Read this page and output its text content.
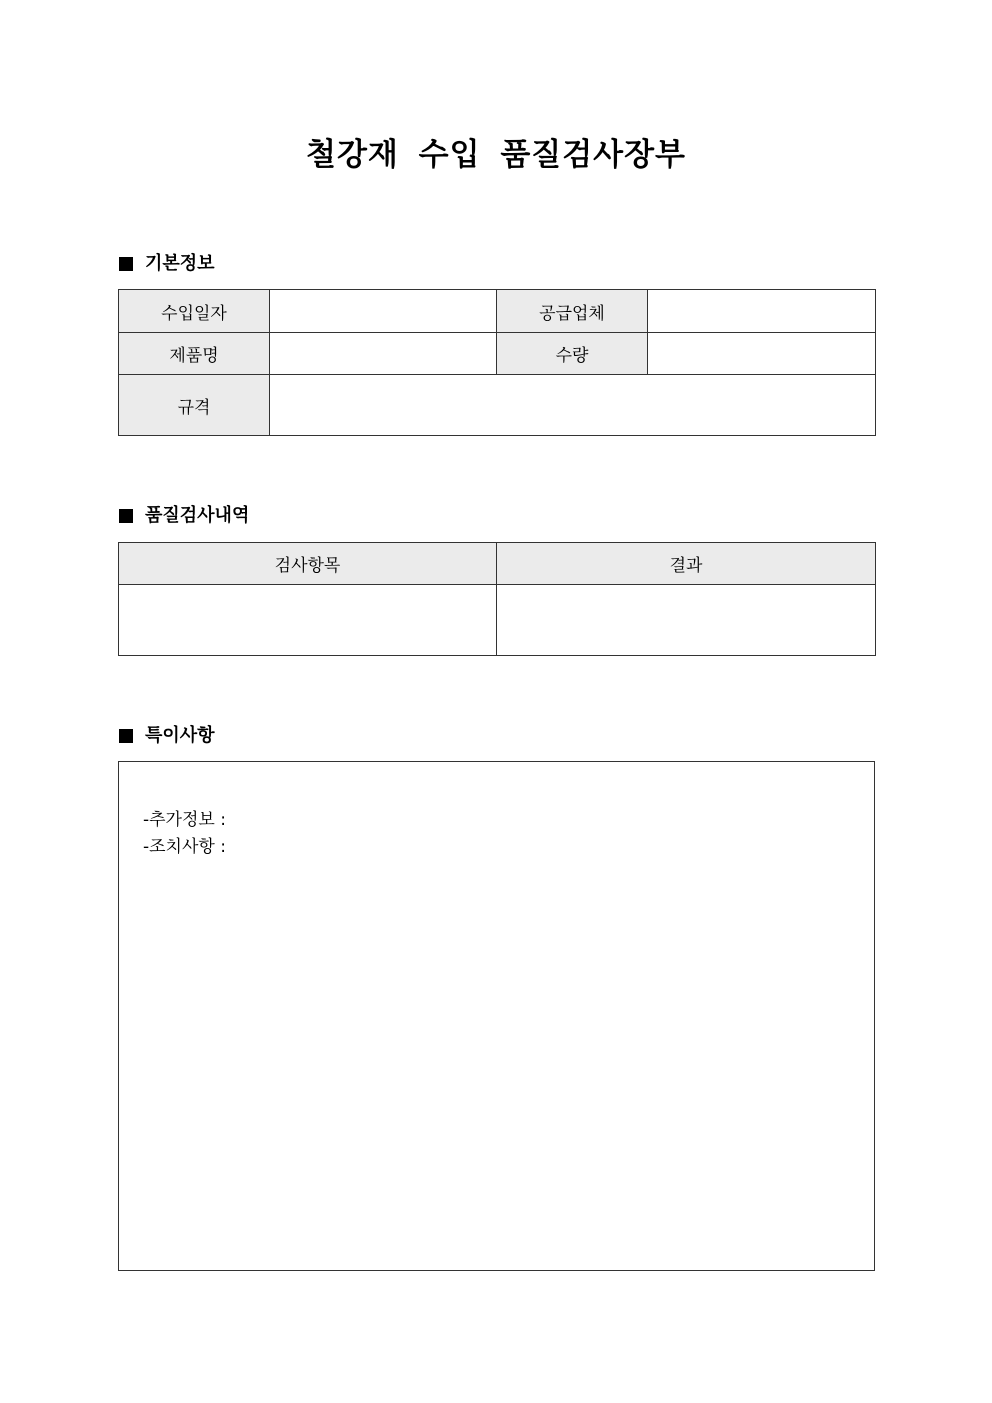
철강재 수입 품질검사장부
기본정보
수입일자		공급업체	
제품명		수량	
규격			
품질검사내역
검사항목	결과

특이사항
-추가정보 :
-조치사항 :
